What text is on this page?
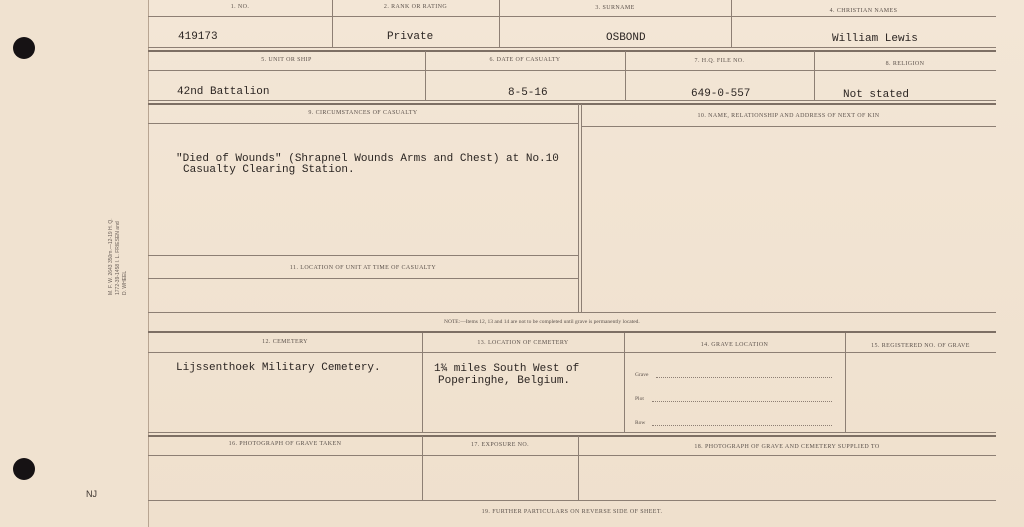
M. F. W. 2643 350m.—12-19 H. Q. 1772-39-1458 I. L. FRIESEN and D. WHEEL
NJ
1. NO.	2. RANK OR RATING	3. SURNAME	4. CHRISTIAN NAMES
419173	Private	OSBOND	William Lewis
5. UNIT OR SHIP	6. DATE OF CASUALTY	7. H.Q. FILE NO.	8. RELIGION
42nd Battalion	8-5-16	649-0-557	Not stated
9. CIRCUMSTANCES OF CASUALTY	10. NAME, RELATIONSHIP AND ADDRESS OF NEXT OF KIN
"Died of Wounds" (Shrapnel Wounds Arms and Chest) at No.10
Casualty Clearing Station.
11. LOCATION OF UNIT AT TIME OF CASUALTY
NOTE:—Items 12, 13 and 14 are not to be completed until grave is permanently located.
12. CEMETERY	13. LOCATION OF CEMETERY	14. GRAVE LOCATION	15. REGISTERED NO. OF GRAVE
Lijssenthoek Military Cemetery.	1¾ miles South West of
Poperinghe, Belgium.	Grave
Plot
Row
16. PHOTOGRAPH OF GRAVE TAKEN	17. EXPOSURE NO.	18. PHOTOGRAPH OF GRAVE AND CEMETERY SUPPLIED TO
19. FURTHER PARTICULARS ON REVERSE SIDE OF SHEET.
